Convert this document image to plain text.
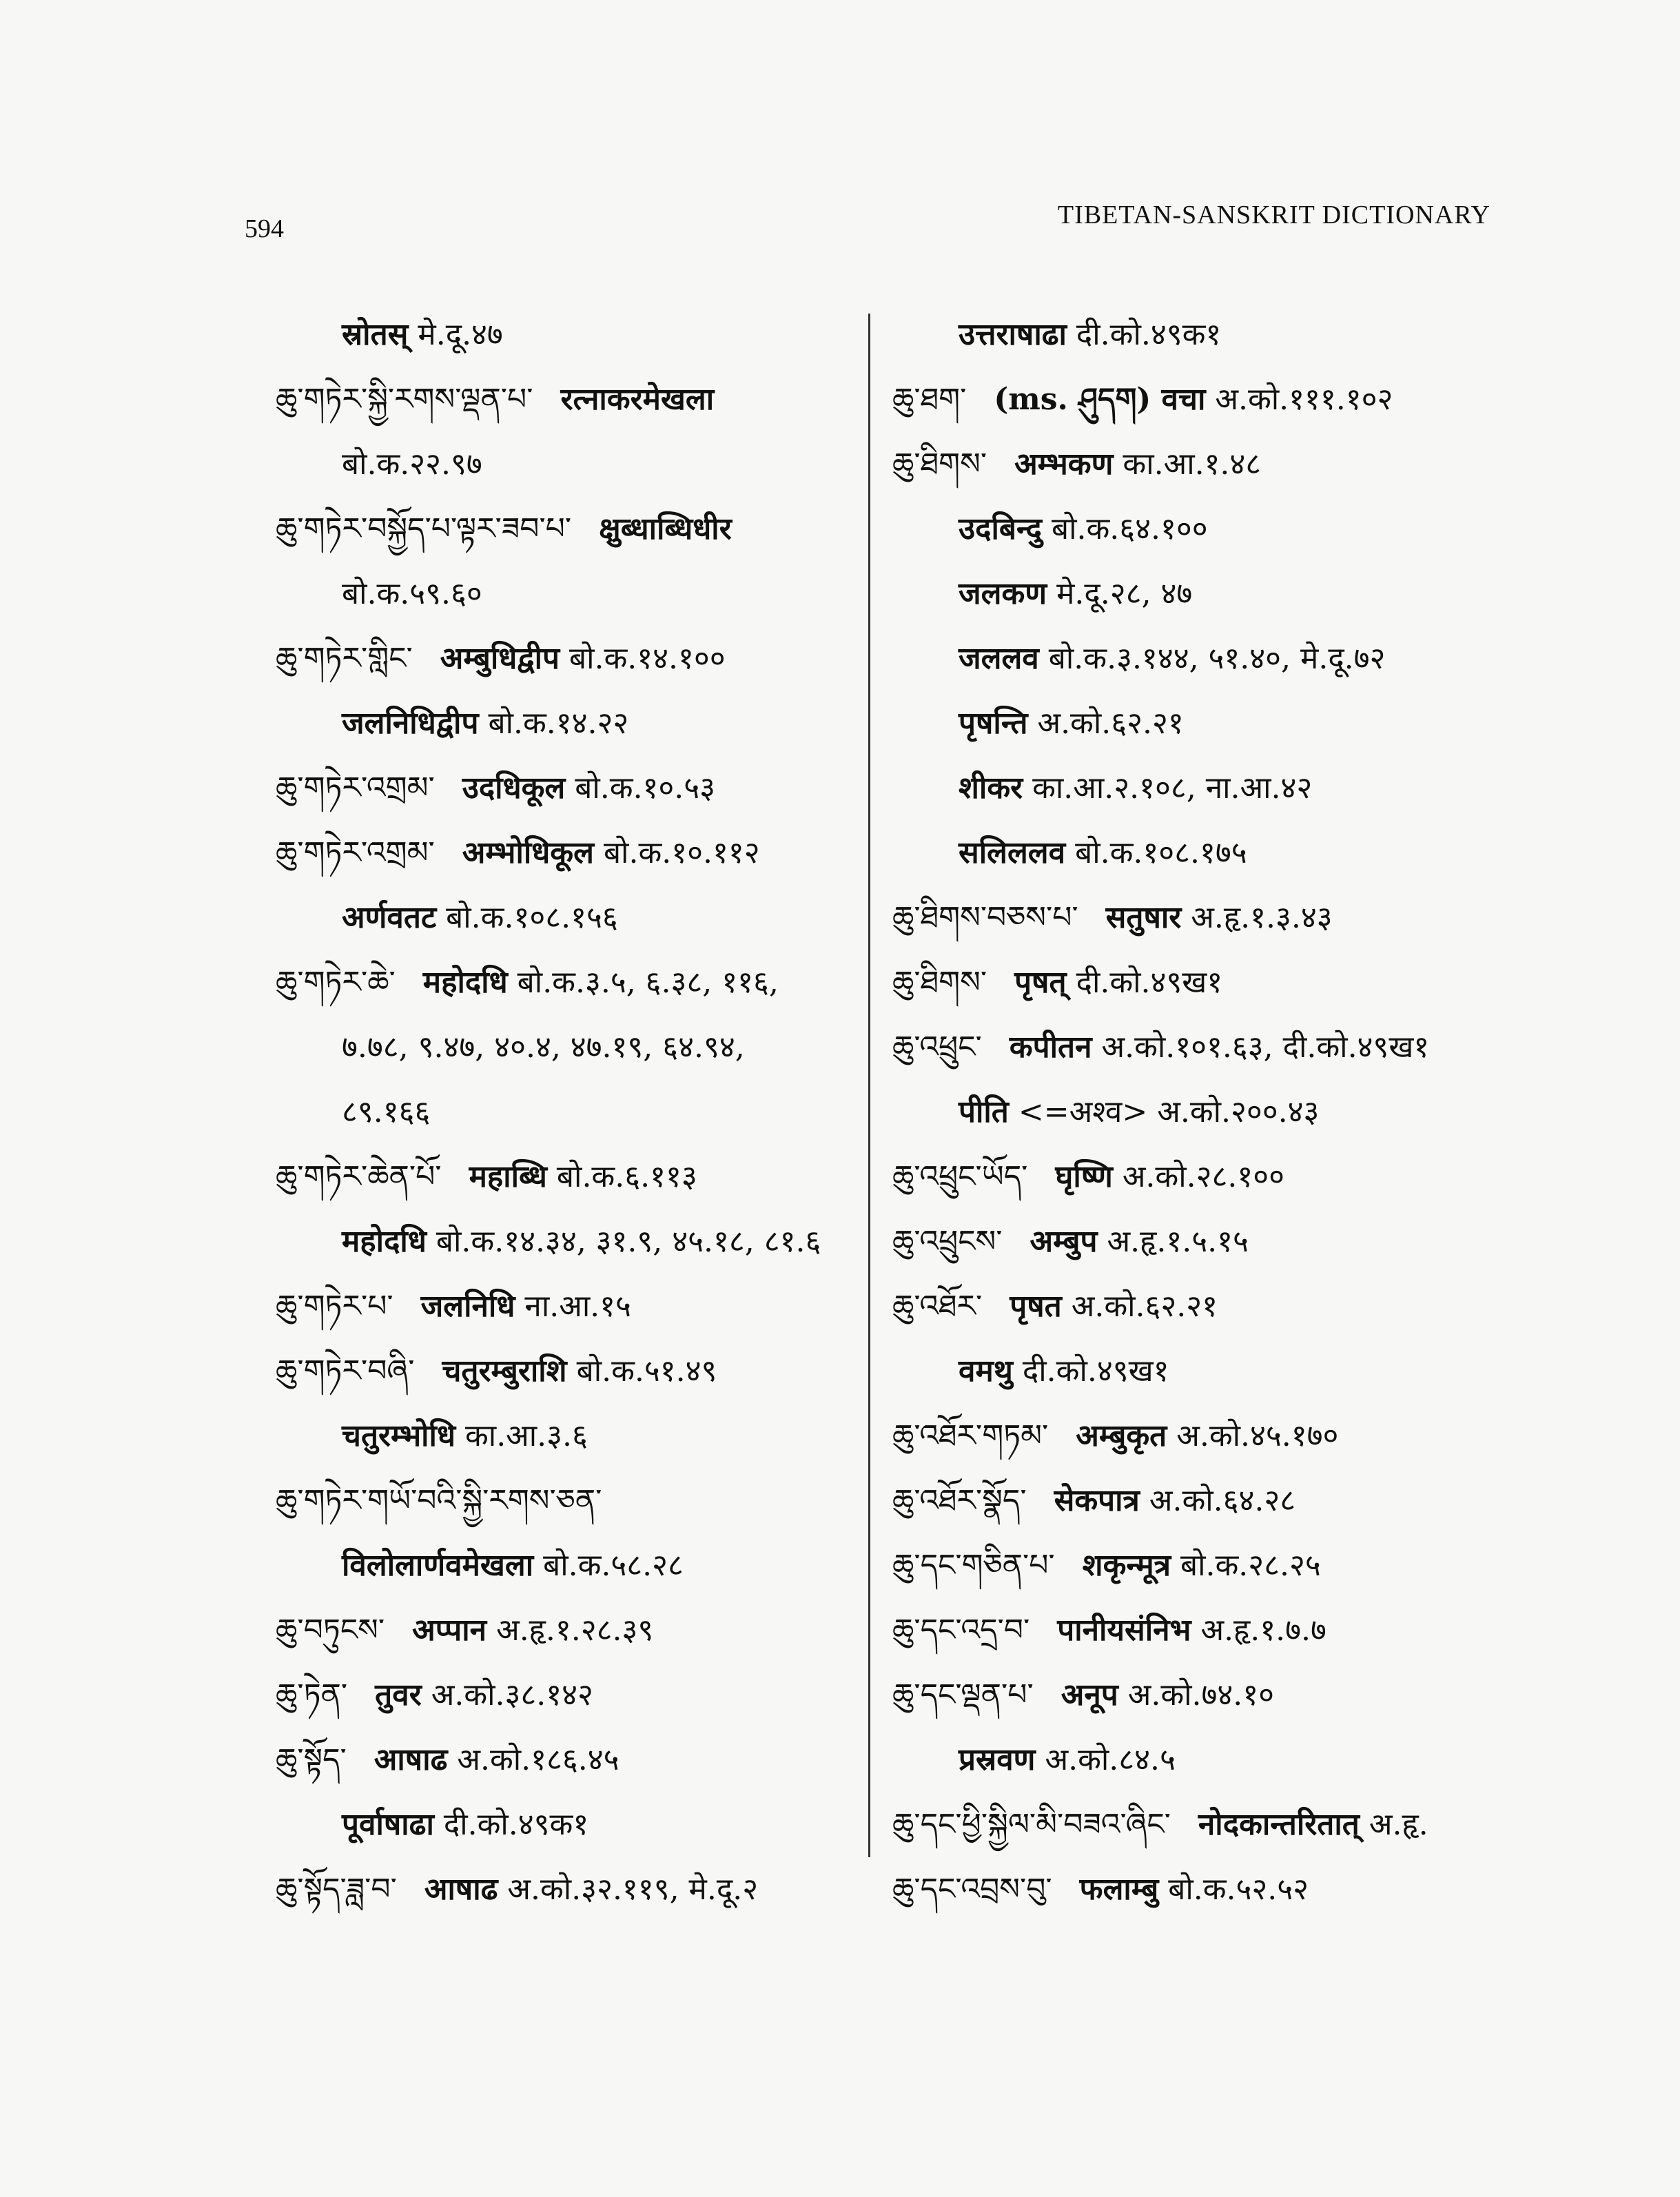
594	TIBETAN-SANSKRIT DICTIONARY
स्रोतस् मे.दू.४७
ཆུ་གཏེར་སྐྱི་རགས་ལྡན་པ་ रत्नाकरमेखला
बो.क.२२.९७
ཆུ་གཏེར་བསྐྱོད་པ་ལྟར་ཟབ་པ་ क्षुब्धाब्धिधीर
बो.क.५९.६०
ཆུ་གཏེར་གླིང་ अम्बुधिद्वीप बो.क.१४.१००
जलनिधिद्वीप बो.क.१४.२२
ཆུ་གཏེར་འགྲམ་ उदधिकूल बो.क.१०.५३
ཆུ་གཏེར་འགྲམ་ अम्भोधिकूल बो.क.१०.११२
अर्णवतट बो.क.१०८.१५६
ཆུ་གཏེར་ཆེ་ महोदधि बो.क.३.५, ६.३८, ११६,
७.७८, ९.४७, ४०.४, ४७.१९, ६४.९४,
८९.१६६
ཆུ་གཏེར་ཆེན་པོ་ महाब्धि बो.क.६.११३
महोदधि बो.क.१४.३४, ३१.९, ४५.१८, ८१.६
ཆུ་གཏེར་པ་ जलनिधि ना.आ.१५
ཆུ་གཏེར་བཞི་ चतुरम्बुराशि बो.क.५१.४९
चतुरम्भोधि का.आ.३.६
ཆུ་གཏེར་གཡོ་བའི་སྐྱི་རགས་ཅན་
विलोलार्णवमेखला बो.क.५८.२८
ཆུ་བཏུངས་ अप्पान अ.हृ.१.२८.३९
ཆུ་ཏེན་ तुवर अ.को.३८.१४२
ཆུ་སྟོད་ आषाढ अ.को.१८६.४५
पूर्वाषाढा दी.को.४९क१
ཆུ་སྟོད་ཟླ་བ་ आषाढ अ.को.३२.११९, मे.दू.२
उत्तराषाढा दी.को.४९क१
ཆུ་ཐག་ (ms. ཤུདག) वचा अ.को.१११.१०२
ཆུ་ཐིགས་ अम्भकण का.आ.१.४८
उदबिन्दु बो.क.६४.१००
जलकण मे.दू.२८, ४७
जललव बो.क.३.१४४, ५१.४०, मे.दू.७२
पृषन्ति अ.को.६२.२१
शीकर का.आ.२.१०८, ना.आ.४२
सलिललव बो.क.१०८.१७५
ཆུ་ཐིགས་བཅས་པ་ सतुषार अ.हृ.१.३.४३
ཆུ་ཐིགས་ पृषत् दी.को.४९ख१
ཆུ་འཕྲུང་ कपीतन अ.को.१०१.६३, दी.को.४९ख१
पीति <=अश्व> अ.को.२००.४३
ཆུ་འཕྲུང་ཡོད་ घृष्णि अ.को.२८.१००
ཆུ་འཕྲུངས་ अम्बुप अ.हृ.१.५.१५
ཆུ་འཐོར་ पृषत अ.को.६२.२१
वमथु दी.को.४९ख१
ཆུ་འཐོར་གཏམ་ अम्बुकृत अ.को.४५.१७०
ཆུ་འཐོར་སྣོད་ सेकपात्र अ.को.६४.२८
ཆུ་དང་གཅིན་པ་ शकृन्मूत्र बो.क.२८.२५
ཆུ་དང་འདྲ་བ་ पानीयसंनिभ अ.हृ.१.७.७
ཆུ་དང་ལྡན་པ་ अनूप अ.को.७४.१०
प्रस्रवण अ.को.८४.५
ཆུ་དང་ཕྱི་སྐྱིལ་མི་བཟའ་ཞིང་ नोदकान्तरितात् अ.हृ.
ཆུ་དང་འབྲས་བུ་ फलाम्बु बो.क.५२.५२
